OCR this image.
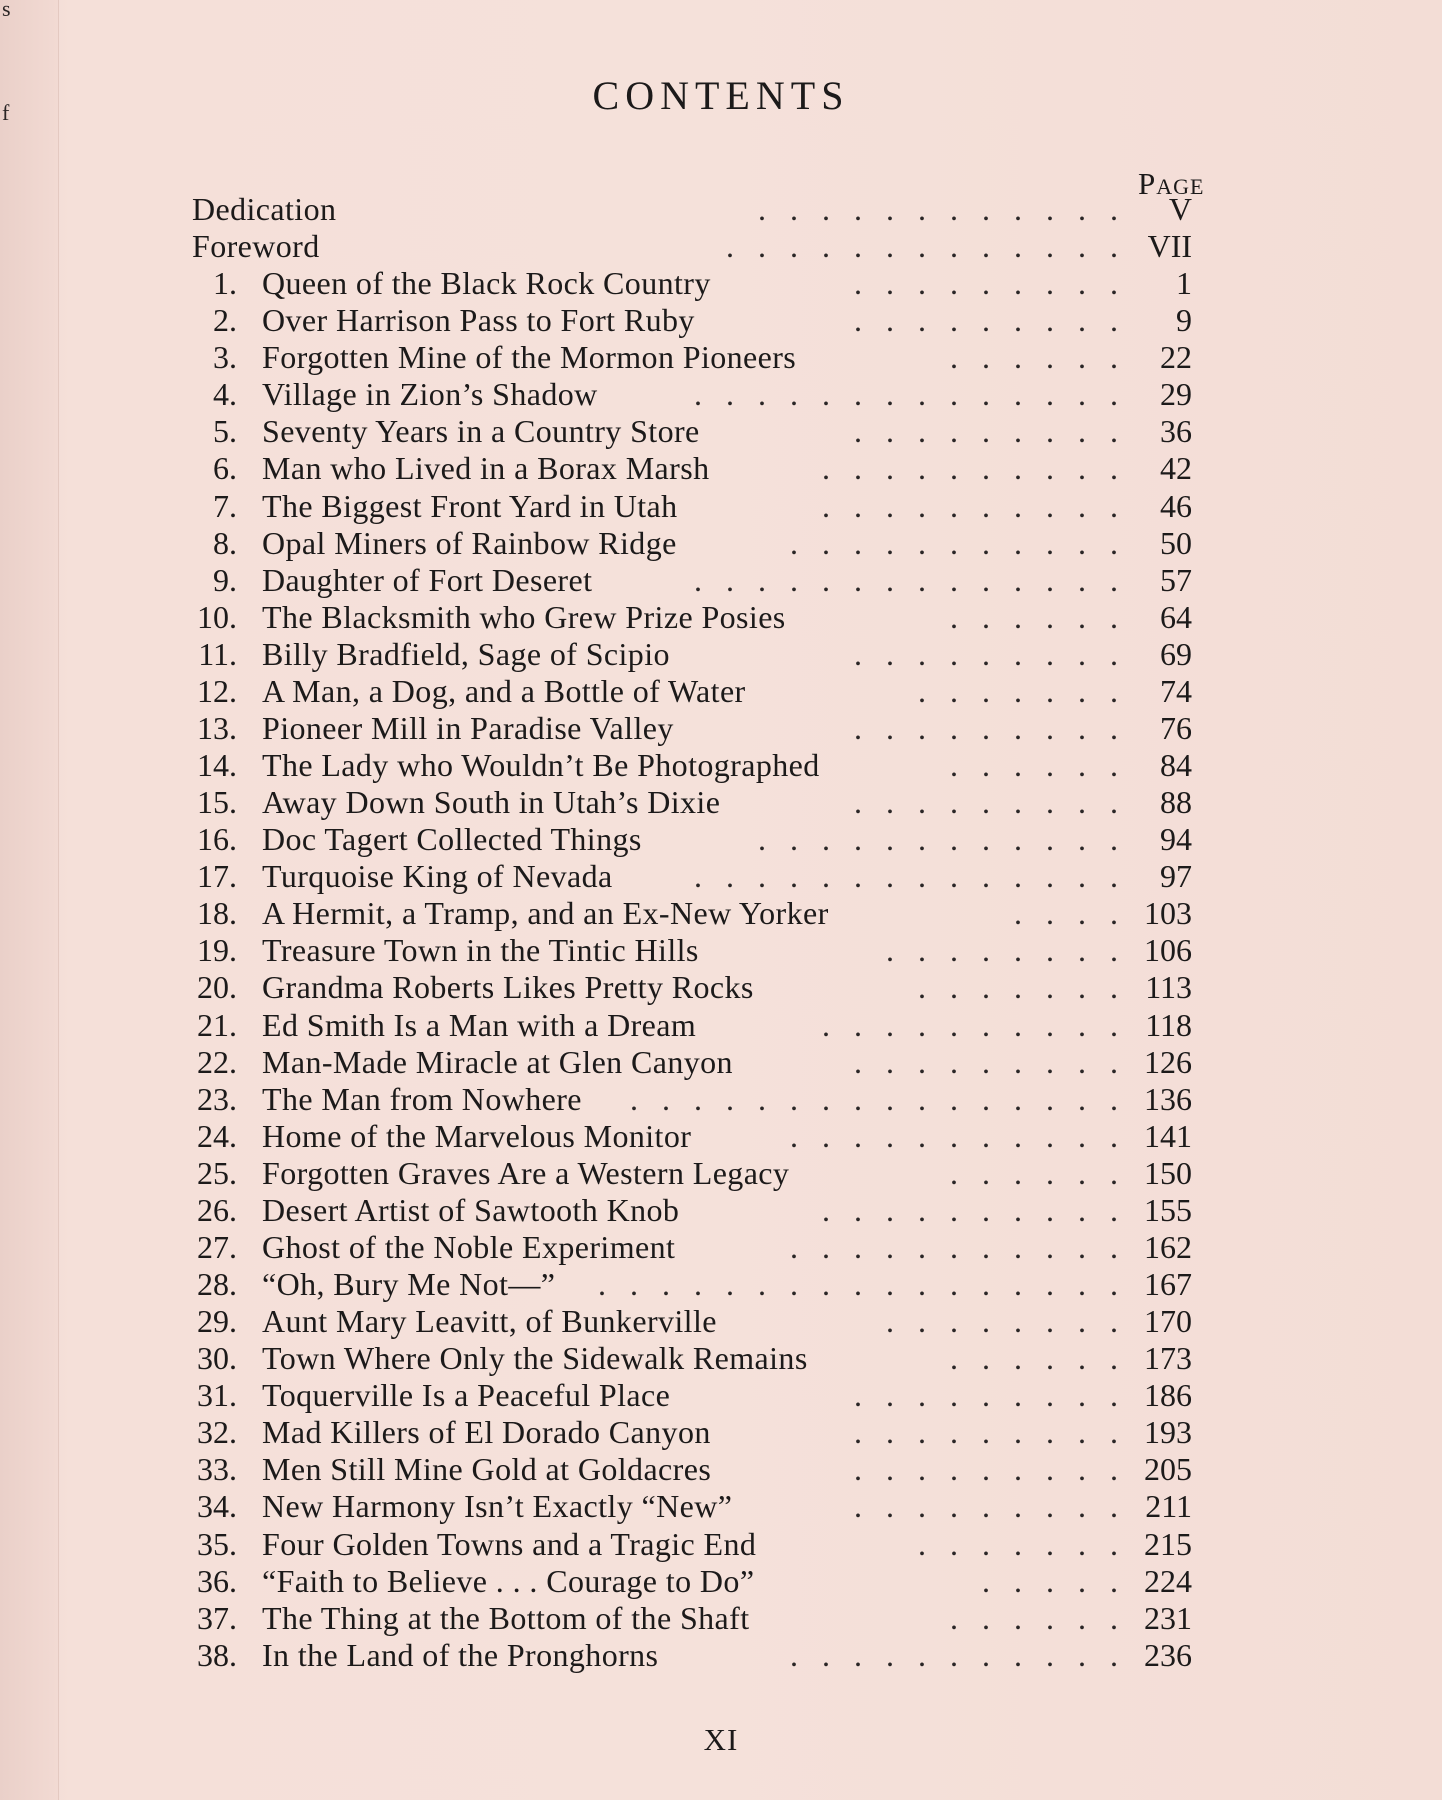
s
f	CONTENTS
Page
Dedication	............ V
Foreword	............. VII
1. Queen of the Black Rock Country	......... 1
2. Over Harrison Pass to Fort Ruby	......... 9
3. Forgotten Mine of the Mormon Pioneers	...... 22
4. Village in Zion’s Shadow	.............. 29
5. Seventy Years in a Country Store	......... 36
6. Man who Lived in a Borax Marsh	.......... 42
7. The Biggest Front Yard in Utah	.......... 46
8. Opal Miners of Rainbow Ridge	........... 50
9. Daughter of Fort Deseret	.............. 57
10. The Blacksmith who Grew Prize Posies	...... 64
11. Billy Bradfield, Sage of Scipio	......... 69
12. A Man, a Dog, and a Bottle of Water	....... 74
13. Pioneer Mill in Paradise Valley	......... 76
14. The Lady who Wouldn’t Be Photographed	...... 84
15. Away Down South in Utah’s Dixie	......... 88
16. Doc Tagert Collected Things	............ 94
17. Turquoise King of Nevada	.............. 97
18. A Hermit, a Tramp, and an Ex-New Yorker	.... 103
19. Treasure Town in the Tintic Hills	........ 106
20. Grandma Roberts Likes Pretty Rocks	....... 113
21. Ed Smith Is a Man with a Dream	.......... 118
22. Man-Made Miracle at Glen Canyon	......... 126
23. The Man from Nowhere ................ 136
24. Home of the Marvelous Monitor	........... 141
25. Forgotten Graves Are a Western Legacy	...... 150
26. Desert Artist of Sawtooth Knob	.......... 155
27. Ghost of the Noble Experiment	........... 162
28. “Oh, Bury Me Not—” ................. 167
29. Aunt Mary Leavitt, of Bunkerville	........ 170
30. Town Where Only the Sidewalk Remains	...... 173
31. Toquerville Is a Peaceful Place	......... 186
32. Mad Killers of El Dorado Canyon	......... 193
33. Men Still Mine Gold at Goldacres	......... 205
34. New Harmony Isn’t Exactly “New”	......... 211
35. Four Golden Towns and a Tragic End	....... 215
36. “Faith to Believe . . . Courage to Do”	..... 224
37. The Thing at the Bottom of the Shaft	...... 231
38. In the Land of the Pronghorns	........... 236
XI
